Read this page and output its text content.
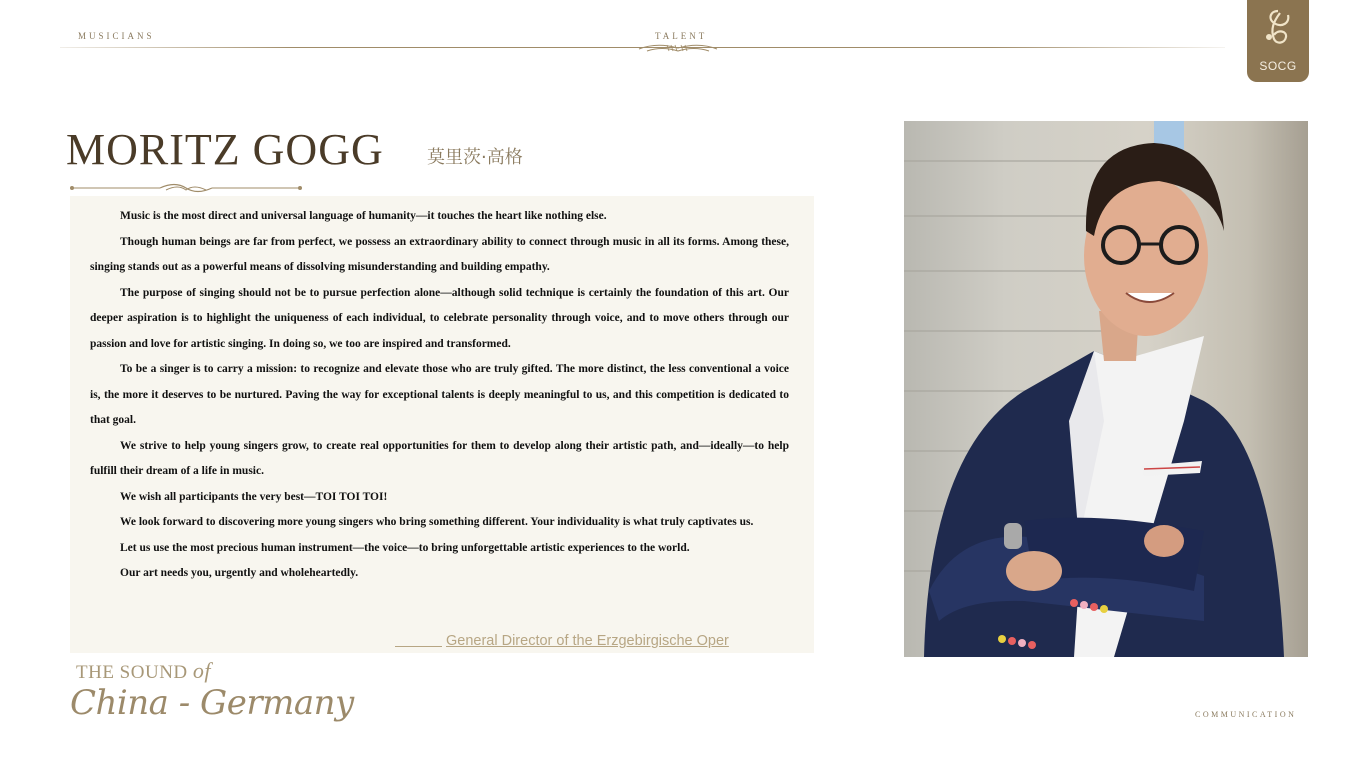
MUSICIANS	TALENT
SOCG
MORITZ GOGG 莫里茨·高格
Music is the most direct and universal language of humanity—it touches the heart like nothing else.
Though human beings are far from perfect, we possess an extraordinary ability to connect through music in all its forms. Among these, singing stands out as a powerful means of dissolving misunderstanding and building empathy.
The purpose of singing should not be to pursue perfection alone—although solid technique is certainly the foundation of this art. Our deeper aspiration is to highlight the uniqueness of each individual, to celebrate personality through voice, and to move others through our passion and love for artistic singing. In doing so, we too are inspired and transformed.
To be a singer is to carry a mission: to recognize and elevate those who are truly gifted. The more distinct, the less conventional a voice is, the more it deserves to be nurtured. Paving the way for exceptional talents is deeply meaningful to us, and this competition is dedicated to that goal.
We strive to help young singers grow, to create real opportunities for them to develop along their artistic path, and—ideally—to help fulfill their dream of a life in music.
We wish all participants the very best—TOI TOI TOI!
We look forward to discovering more young singers who bring something different. Your individuality is what truly captivates us.
Let us use the most precious human instrument—the voice—to bring unforgettable artistic experiences to the world.
Our art needs you, urgently and wholeheartedly.
General Director of the Erzgebirgische Oper
THE SOUND of
China - Germany	COMMUNICATION
